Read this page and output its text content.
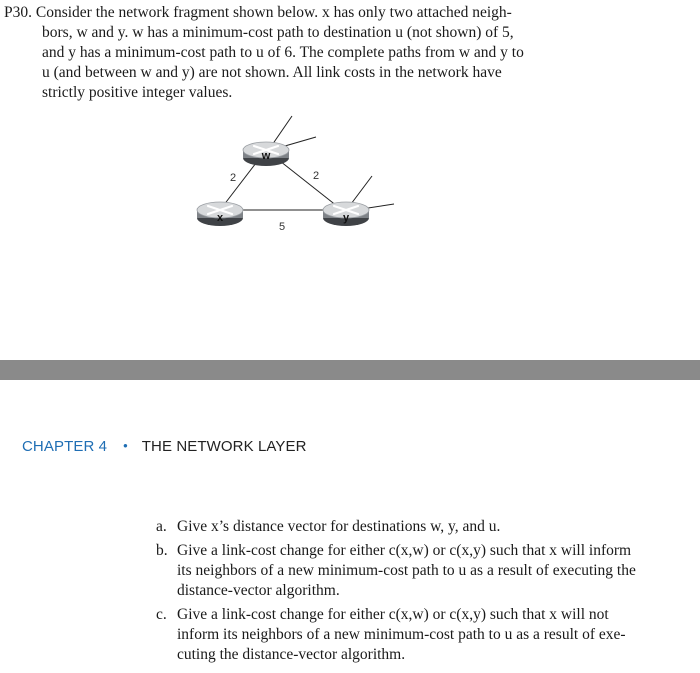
P30. Consider the network fragment shown below. x has only two attached neigh-
bors, w and y. w has a minimum-cost path to destination u (not shown) of 5,
and y has a minimum-cost path to u of 6. The complete paths from w and y to
u (and between w and y) are not shown. All link costs in the network have
strictly positive integer values.
2	2
5
w
x	y
CHAPTER 4 • THE NETWORK LAYER
a. Give x’s distance vector for destinations w, y, and u.
b. Give a link-cost change for either c(x,w) or c(x,y) such that x will inform
its neighbors of a new minimum-cost path to u as a result of executing the
distance-vector algorithm.
c. Give a link-cost change for either c(x,w) or c(x,y) such that x will not
inform its neighbors of a new minimum-cost path to u as a result of exe-
cuting the distance-vector algorithm.
